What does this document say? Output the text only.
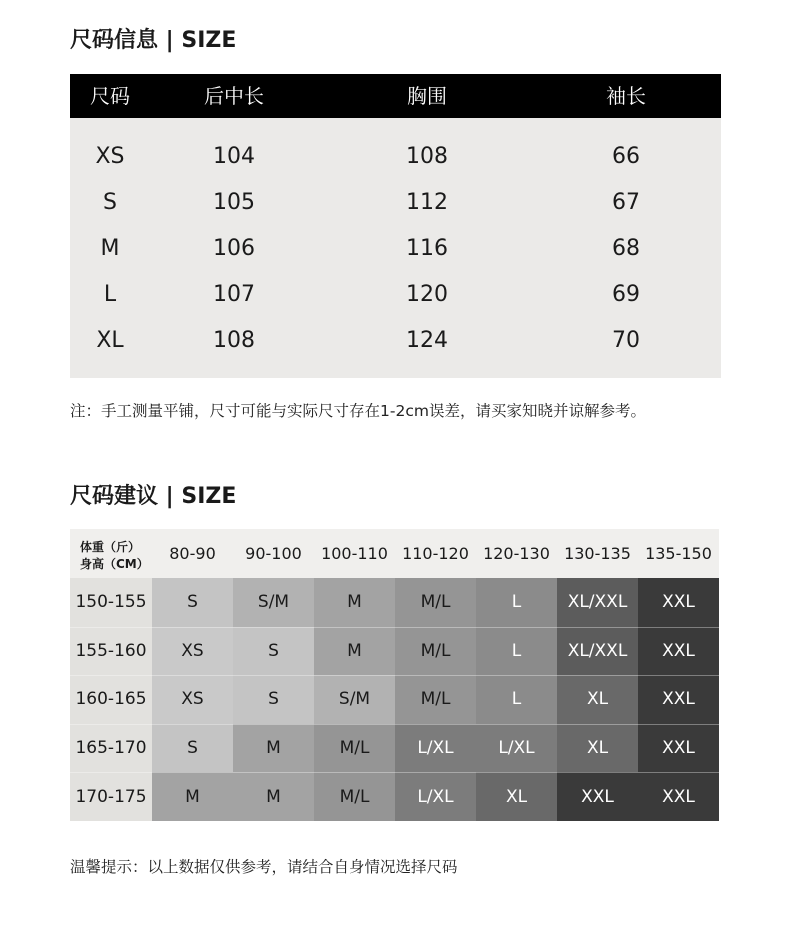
尺码信息 | SIZE
尺码	后中长	胸围	袖长
XS	104	108	66
S	105	112	67
M	106	116	68
L	107	120	69
XL	108	124	70
注：手工测量平铺，尺寸可能与实际尺寸存在1-2cm误差，请买家知晓并谅解参考。
尺码建议 | SIZE
体重（斤）
身高（CM）
80-90	90-100	100-110 110-120 120-130 130-135 135-150
150-155	S	S/M	M	M/L	L	XL/XXL	XXL
155-160	XS	S	M	M/L	L	XL/XXL	XXL
160-165	XS	S	S/M	M/L	L	XL	XXL
165-170	S	M	M/L	L/XL	L/XL	XL	XXL
170-175	M	M	M/L	L/XL	XL	XXL	XXL
温馨提示：以上数据仅供参考，请结合自身情况选择尺码
